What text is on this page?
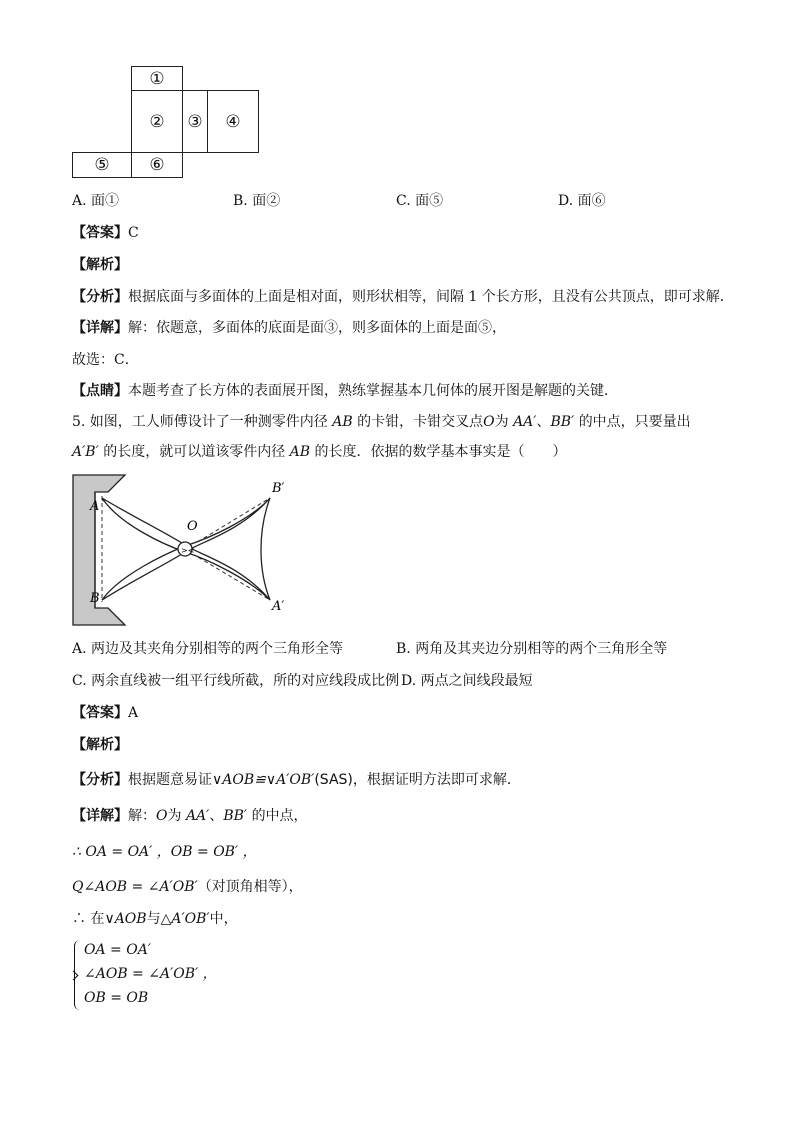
①
②	③	④
⑤	⑥
A. 面①	B. 面②	C. 面⑤	D. 面⑥
【答案】C
【解析】
【分析】根据底面与多面体的上面是相对面，则形状相等，间隔 1 个长方形，且没有公共顶点，即可求解．
【详解】解：依题意，多面体的底面是面③，则多面体的上面是面⑤，
故选：C．
【点睛】本题考查了长方体的表面展开图，熟练掌握基本几何体的展开图是解题的关键．
5. 如图，工人师傅设计了一种测零件内径 AB 的卡钳，卡钳交叉点O为 AA′、BB′ 的中点，只要量出
A′B′ 的长度，就可以道该零件内径 AB 的长度．依据的数学基本事实是（　　）
><
A
B
O
B′
A′
A. 两边及其夹角分别相等的两个三角形全等	B. 两角及其夹边分别相等的两个三角形全等
C. 两余直线被一组平行线所截，所的对应线段成比例 D. 两点之间线段最短
【答案】A
【解析】
【分析】根据题意易证∨AOB≌∨A′OB′(SAS)，根据证明方法即可求解．
【详解】解：O为 AA′、BB′ 的中点，
∴ OA = OA′ ，OB = OB′ ，
Q∠AOB = ∠A′OB′（对顶角相等），
∴ 在∨AOB与△A′OB′中，
OA = OA′
∠AOB = ∠A′OB′ ，
OB = OB
